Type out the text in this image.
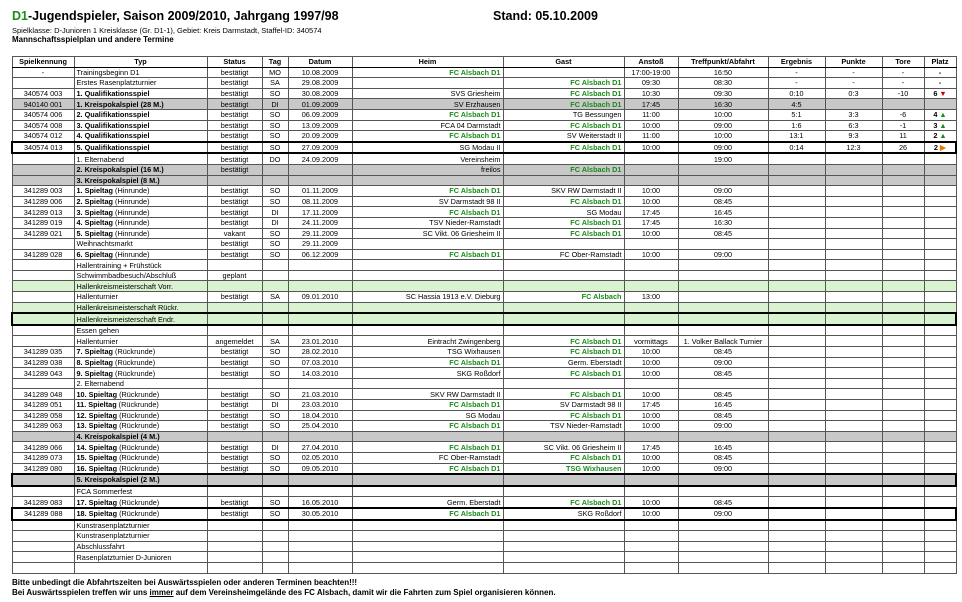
D1-Jugendspieler, Saison 2009/2010, Jahrgang 1997/98	Stand: 05.10.2009
Spielklasse: D-Junioren 1 Kreisklasse (Gr. D1-1), Gebiet: Kreis Darmstadt, Staffel-ID: 340574
Mannschaftsspielplan und andere Termine
Spielkennung	Typ	Status	Tag	Datum	Heim	Gast	Anstoß	Treffpunkt/Abfahrt	Ergebnis	Punkte	Tore	Platz
-	Trainingsbeginn D1	bestätigt	MO	10.08.2009	FC Alsbach D1		17:00-19:00	16:50	-	-	-	-
	Erstes Rasenplatzturnier	bestätigt	SA	29.08.2009		FC Alsbach D1	09:30	08:30	-	-	-	-
340574 003	1. Qualifikationsspiel	bestätigt	SO	30.08.2009	SVS Griesheim	FC Alsbach D1	10:30	09:30	0:10	0:3	-10	6 ▼
940140 001	1. Kreispokalspiel (28 M.)	bestätigt	DI	01.09.2009	SV Erzhausen	FC Alsbach D1	17:45	16:30	4:5			
340574 006	2. Qualifikationsspiel	bestätigt	SO	06.09.2009	FC Alsbach D1	TG Bessungen	11:00	10:00	5:1	3:3	-6	4 ▲
340574 008	3. Qualifikationsspiel	bestätigt	SO	13.09.2009	FCA 04 Darmstadt	FC Alsbach D1	10:00	09:00	1:6	6:3	-1	3 ▲
340574 012	4. Qualifikationsspiel	bestätigt	SO	20.09.2009	FC Alsbach D1	SV Weiterstadt II	11:00	10:00	13:1	9:3	11	2 ▲
340574 013	5. Qualifikationsspiel	bestätigt	SO	27.09.2009	SG Modau II	FC Alsbach D1	10:00	09:00	0:14	12:3	26	2 ▶
	1. Elternabend	bestätigt	DO	24.09.2009	Vereinsheim			19:00				
	2. Kreispokalspiel (16 M.)	bestätigt			freilos	FC Alsbach D1						
	3. Kreispokalspiel (8 M.)											
341289 003	1. Spieltag (Hinrunde)	bestätigt	SO	01.11.2009	FC Alsbach D1	SKV RW Darmstadt II	10:00	09:00				
341289 006	2. Spieltag (Hinrunde)	bestätigt	SO	08.11.2009	SV Darmstadt 98 II	FC Alsbach D1	10:00	08:45				
341289 013	3. Spieltag (Hinrunde)	bestätigt	DI	17.11.2009	FC Alsbach D1	SG Modau	17:45	16:45				
341289 019	4. Spieltag (Hinrunde)	bestätigt	DI	24.11.2009	TSV Nieder-Ramstadt	FC Alsbach D1	17:45	16:30				
341289 021	5. Spieltag (Hinrunde)	vakant	SO	29.11.2009	SC Vikt. 06 Griesheim II	FC Alsbach D1	10:00	08:45				
	Weihnachtsmarkt	bestätigt	SO	29.11.2009								
341289 028	6. Spieltag (Hinrunde)	bestätigt	SO	06.12.2009	FC Alsbach D1	FC Ober-Ramstadt	10:00	09:00				
	Hallentraining + Frühstück											
	Schwimmbadbesuch/Abschluß	geplant										
	Hallenkreismeisterschaft Vorr.											
	Hallenturnier	bestätigt	SA	09.01.2010	SC Hassia 1913 e.V. Dieburg	FC Alsbach	13:00					
	Hallenkreismeisterschaft Rückr.											
	Hallenkreismeisterschaft Endr.											
	Essen gehen											
	Hallenturnier	angemeldet	SA	23.01.2010	Eintracht Zwingenberg	FC Alsbach D1	vormittags	1. Volker Ballack Turnier				
341289 035	7. Spieltag (Rückrunde)	bestätigt	SO	28.02.2010	TSG Wixhausen	FC Alsbach D1	10:00	08:45				
341289 038	8. Spieltag (Rückrunde)	bestätigt	SO	07.03.2010	FC Alsbach D1	Germ. Eberstadt	10:00	09:00				
341289 043	9. Spieltag (Rückrunde)	bestätigt	SO	14.03.2010	SKG Roßdorf	FC Alsbach D1	10:00	08:45				
	2. Elternabend											
341289 048	10. Spieltag (Rückrunde)	bestätigt	SO	21.03.2010	SKV RW Darmstadt II	FC Alsbach D1	10:00	08:45				
341289 051	11. Spieltag (Rückrunde)	bestätigt	DI	23.03.2010	FC Alsbach D1	SV Darmstadt 98 II	17:45	16:45				
341289 058	12. Spieltag (Rückrunde)	bestätigt	SO	18.04.2010	SG Modau	FC Alsbach D1	10:00	08:45				
341289 063	13. Spieltag (Rückrunde)	bestätigt	SO	25.04.2010	FC Alsbach D1	TSV Nieder-Ramstadt	10:00	09:00				
	4. Kreispokalspiel (4 M.)											
341289 066	14. Spieltag (Rückrunde)	bestätigt	DI	27.04.2010	FC Alsbach D1	SC Vikt. 06 Griesheim II	17:45	16:45				
341289 073	15. Spieltag (Rückrunde)	bestätigt	SO	02.05.2010	FC Ober-Ramstadt	FC Alsbach D1	10:00	08:45				
341289 080	16. Spieltag (Rückrunde)	bestätigt	SO	09.05.2010	FC Alsbach D1	TSG Wixhausen	10:00	09:00				
	5. Kreispokalspiel (2 M.)											
	FCA Sommerfest											
341289 083	17. Spieltag (Rückrunde)	bestätigt	SO	16.05.2010	Germ. Eberstadt	FC Alsbach D1	10:00	08:45				
341289 088	18. Spieltag (Rückrunde)	bestätigt	SO	30.05.2010	FC Alsbach D1	SKG Roßdorf	10:00	09:00				
	Kunstrasenplatzturnier											
	Kunstrasenplatzturnier											
	Abschlussfahrt											
	Rasenplatzturnier D-Junioren											

Bitte unbedingt die Abfahrtszeiten bei Auswärtsspielen oder anderen Terminen beachten!!!
Bei Auswärtsspielen treffen wir uns immer auf dem Vereinsheimgelände des FC Alsbach, damit wir die Fahrten zum Spiel organisieren können.
